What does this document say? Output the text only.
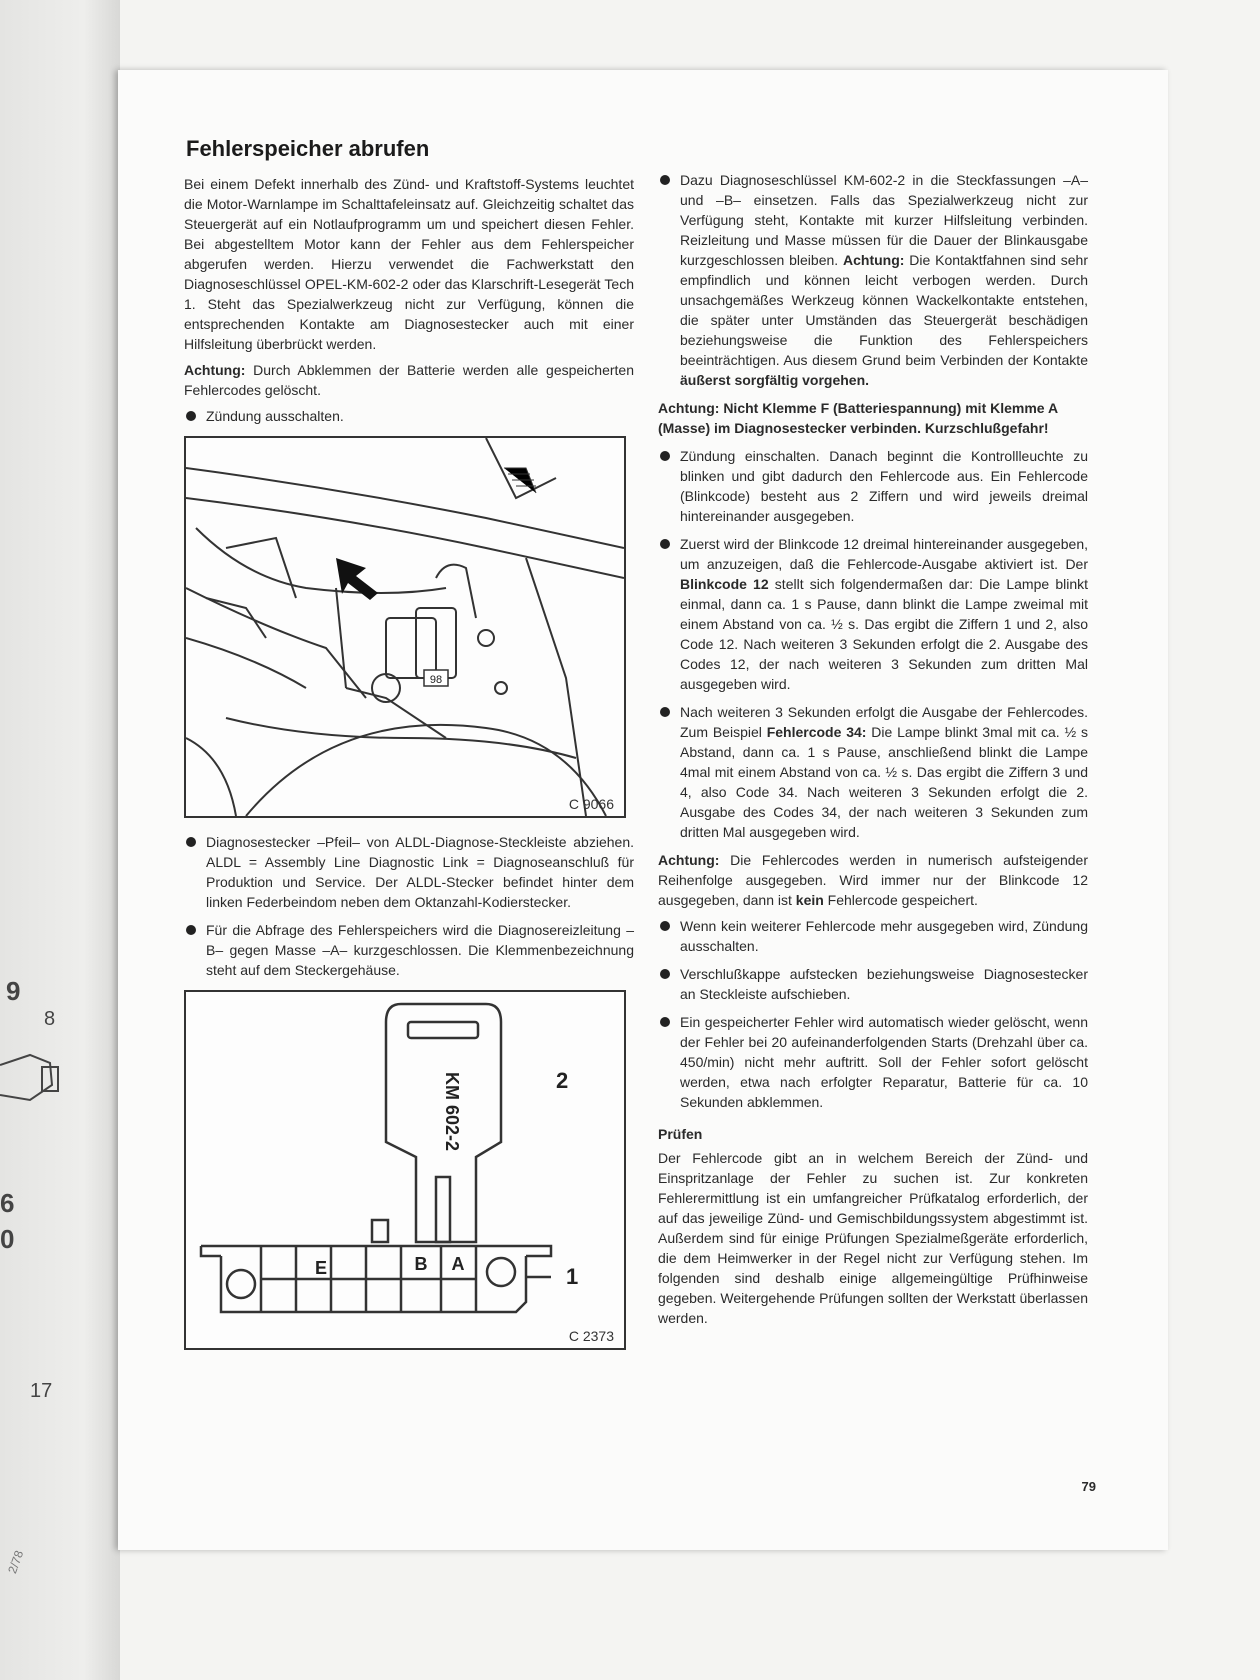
9
8
6
0
17
2/78
Fehlerspeicher abrufen

Bei einem Defekt innerhalb des Zünd- und Kraftstoff-Systems leuchtet die Motor-Warnlampe im Schalttafeleinsatz auf. Gleichzeitig schaltet das Steuergerät auf ein Notlaufprogramm um und speichert diesen Fehler. Bei abgestelltem Motor kann der Fehler aus dem Fehlerspeicher abgerufen werden. Hierzu verwendet die Fachwerkstatt den Diagnoseschlüssel OPEL-KM-602-2 oder das Klarschrift-Lesegerät Tech 1. Steht das Spezialwerkzeug nicht zur Verfügung, können die entsprechenden Kontakte am Diagnosestecker auch mit einer Hilfsleitung überbrückt werden.

Achtung: Durch Abklemmen der Batterie werden alle gespeicherten Fehlercodes gelöscht.

Zündung ausschalten.
98
C 9066
Diagnosestecker –Pfeil– von ALDL-Diagnose-Steckleiste abziehen. ALDL = Assembly Line Diagnostic Link = Diagnoseanschluß für Produktion und Service. Der ALDL-Stecker befindet hinter dem linken Federbeindom neben dem Oktanzahl-Kodierstecker.
Für die Abfrage des Fehlerspeichers wird die Diagnosereizleitung –B– gegen Masse –A– kurzgeschlossen. Die Klemmenbezeichnung steht auf dem Steckergehäuse.
KM 602-2
E	B A
2
1
C 2373
Dazu Diagnoseschlüssel KM-602-2 in die Steckfassungen –A– und –B– einsetzen. Falls das Spezialwerkzeug nicht zur Verfügung steht, Kontakte mit kurzer Hilfsleitung verbinden. Reizleitung und Masse müssen für die Dauer der Blinkausgabe kurzgeschlossen bleiben. Achtung: Die Kontaktfahnen sind sehr empfindlich und können leicht verbogen werden. Durch unsachgemäßes Werkzeug können Wackelkontakte entstehen, die später unter Umständen das Steuergerät beschädigen beziehungsweise die Funktion des Fehlerspeichers beeinträchtigen. Aus diesem Grund beim Verbinden der Kontakte äußerst sorgfältig vorgehen.
Achtung: Nicht Klemme F (Batteriespannung) mit Klemme A (Masse) im Diagnosestecker verbinden. Kurzschlußgefahr!
Zündung einschalten. Danach beginnt die Kontrollleuchte zu blinken und gibt dadurch den Fehlercode aus. Ein Fehlercode (Blinkcode) besteht aus 2 Ziffern und wird jeweils dreimal hintereinander ausgegeben.
Zuerst wird der Blinkcode 12 dreimal hintereinander ausgegeben, um anzuzeigen, daß die Fehlercode-Ausgabe aktiviert ist. Der Blinkcode 12 stellt sich folgendermaßen dar: Die Lampe blinkt einmal, dann ca. 1 s Pause, dann blinkt die Lampe zweimal mit einem Abstand von ca. ½ s. Das ergibt die Ziffern 1 und 2, also Code 12. Nach weiteren 3 Sekunden erfolgt die 2. Ausgabe des Codes 12, der nach weiteren 3 Sekunden zum dritten Mal ausgegeben wird.
Nach weiteren 3 Sekunden erfolgt die Ausgabe der Fehlercodes. Zum Beispiel Fehlercode 34: Die Lampe blinkt 3mal mit ca. ½ s Abstand, dann ca. 1 s Pause, anschließend blinkt die Lampe 4mal mit einem Abstand von ca. ½ s. Das ergibt die Ziffern 3 und 4, also Code 34. Nach weiteren 3 Sekunden erfolgt die 2. Ausgabe des Codes 34, der nach weiteren 3 Sekunden zum dritten Mal ausgegeben wird.

Achtung: Die Fehlercodes werden in numerisch aufsteigender Reihenfolge ausgegeben. Wird immer nur der Blinkcode 12 ausgegeben, dann ist kein Fehlercode gespeichert.

Wenn kein weiterer Fehlercode mehr ausgegeben wird, Zündung ausschalten.
Verschlußkappe aufstecken beziehungsweise Diagnosestecker an Steckleiste aufschieben.
Ein gespeicherter Fehler wird automatisch wieder gelöscht, wenn der Fehler bei 20 aufeinanderfolgenden Starts (Drehzahl über ca. 450/min) nicht mehr auftritt. Soll der Fehler sofort gelöscht werden, etwa nach erfolgter Reparatur, Batterie für ca. 10 Sekunden abklemmen.
Prüfen

Der Fehlercode gibt an in welchem Bereich der Zünd- und Einspritzanlage der Fehler zu suchen ist. Zur konkreten Fehlerermittlung ist ein umfangreicher Prüfkatalog erforderlich, der auf das jeweilige Zünd- und Gemischbildungssystem abgestimmt ist. Außerdem sind für einige Prüfungen Spezialmeßgeräte erforderlich, die dem Heimwerker in der Regel nicht zur Verfügung stehen. Im folgenden sind deshalb einige allgemeingültige Prüfhinweise gegeben. Weitergehende Prüfungen sollten der Werkstatt überlassen werden.

79
